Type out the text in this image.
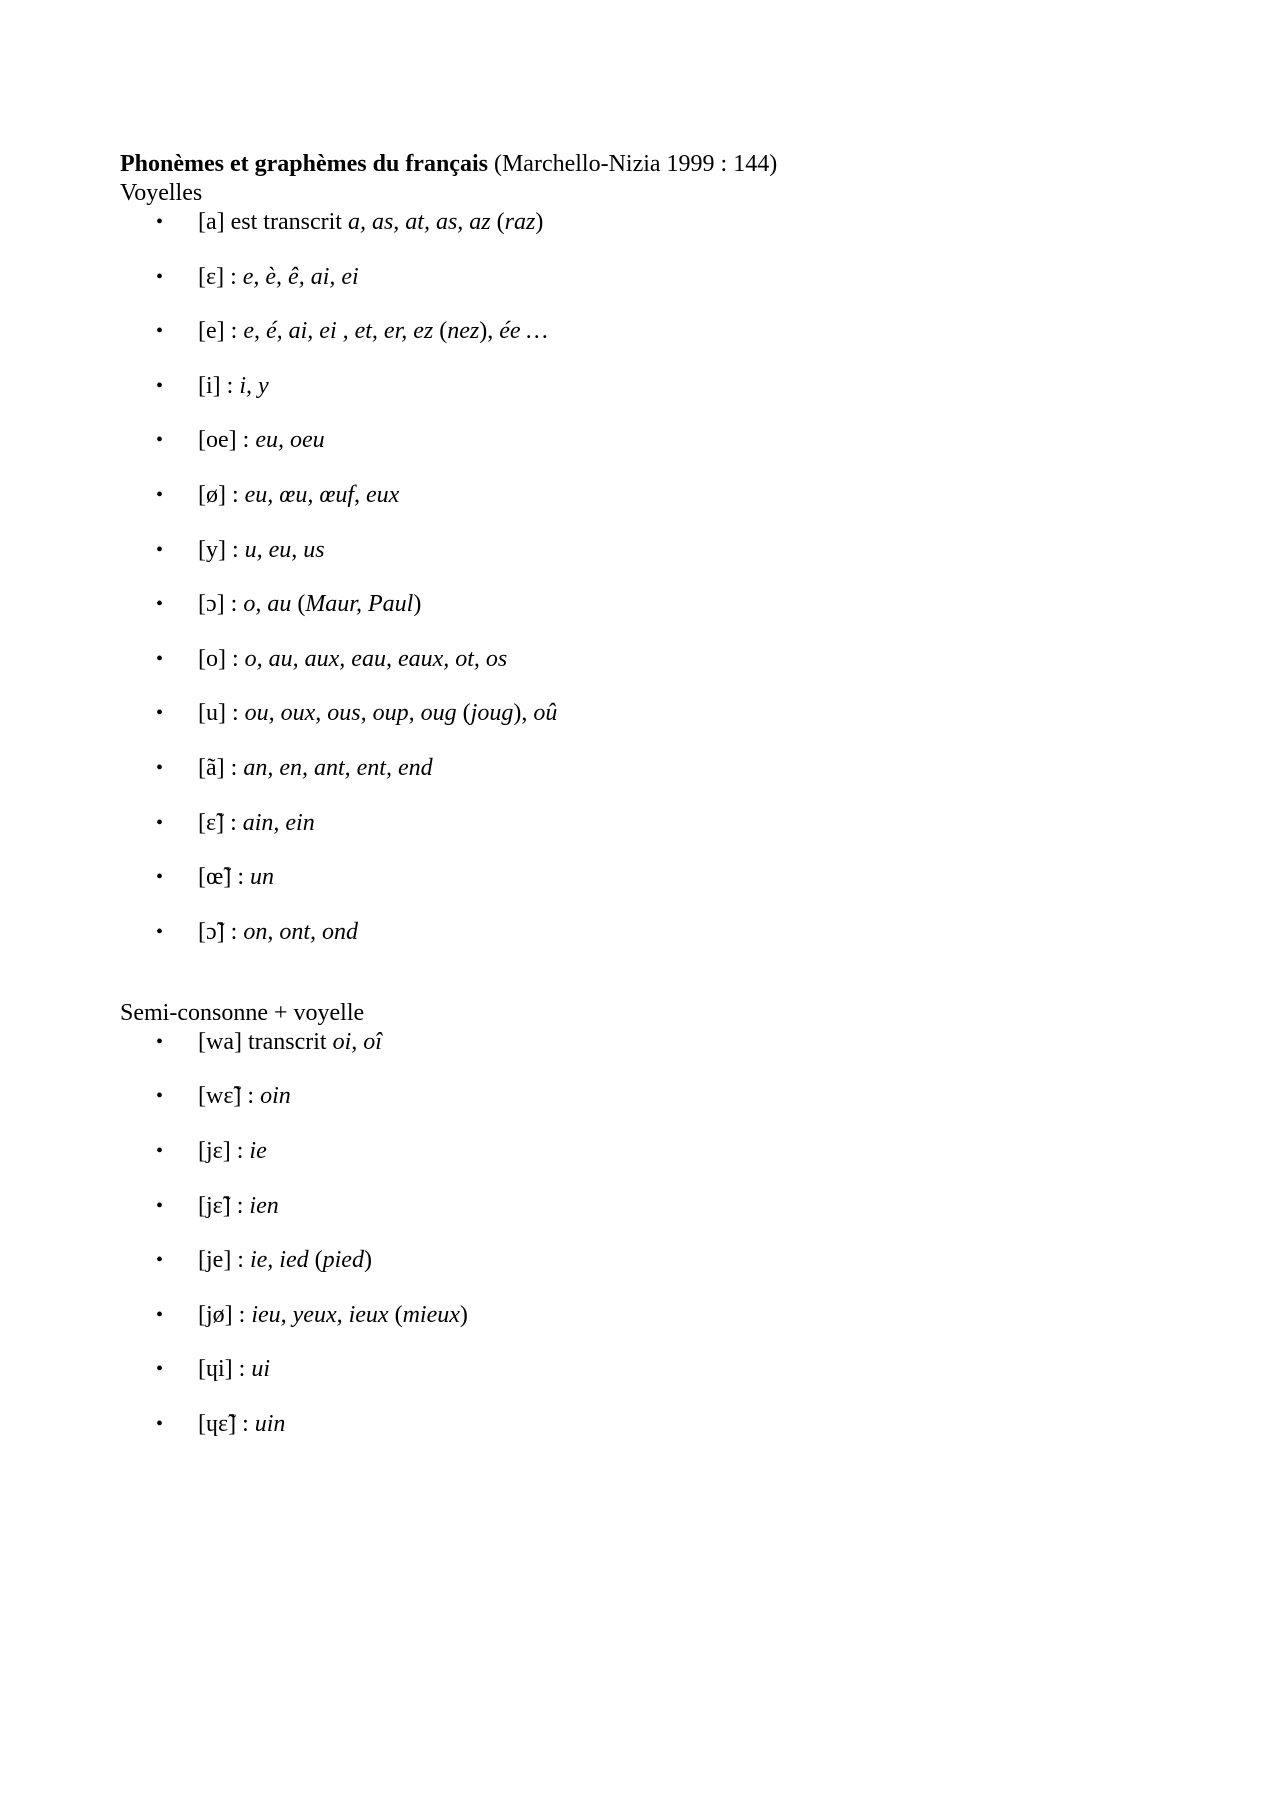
Phonèmes et graphèmes du français (Marchello-Nizia 1999 : 144)

Voyelles

• [a] est transcrit a, as, at, as, az (raz)
• [ɛ] : e, è, ê, ai, ei
• [e] : e, é, ai, ei , et, er, ez (nez), ée …
• [i] : i, y
• [oe] : eu, oeu
• [ø] : eu, œu, œuf, eux
• [y] : u, eu, us
• [ɔ] : o, au (Maur, Paul)
• [o] : o, au, aux, eau, eaux, ot, os
• [u] : ou, oux, ous, oup, oug (joug), oû
• [ã] : an, en, ant, ent, end
• [ɛ̃] : ain, ein
• [œ̃] : un
• [ɔ̃] : on, ont, ond

Semi-consonne + voyelle

• [wa] transcrit oi, oî
• [wɛ̃] : oin
• [jɛ] : ie
• [jɛ̃] : ien
• [je] : ie, ied (pied)
• [jø] : ieu, yeux, ieux (mieux)
• [ɥi] : ui
• [ɥɛ̃] : uin
